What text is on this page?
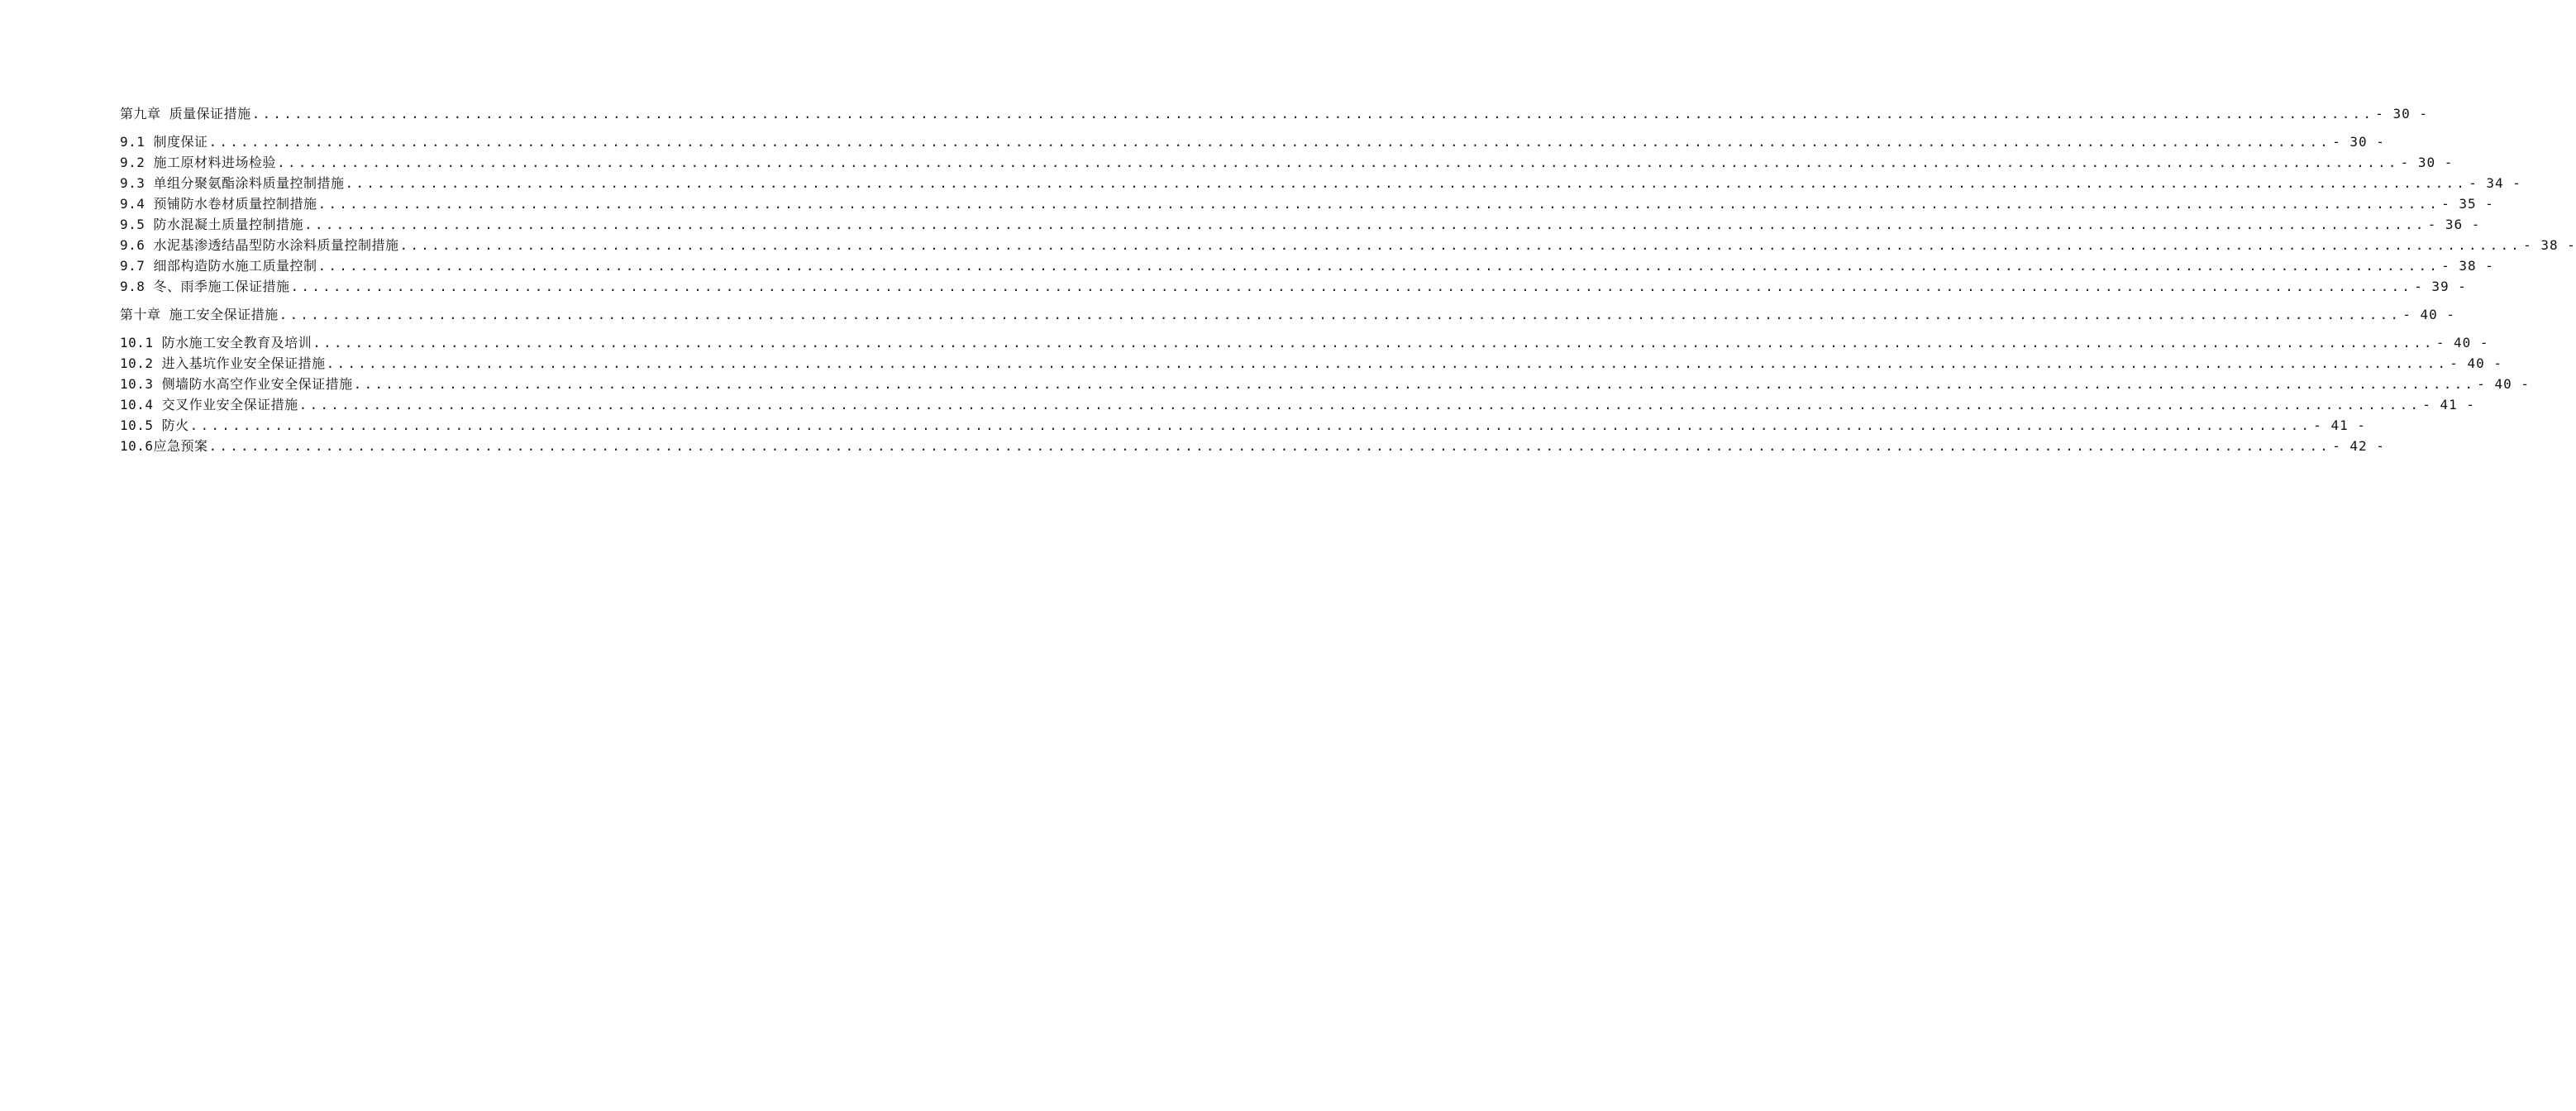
第九章 质量保证措施 ........................................................................................................................................................................................................ - 30 -
9.1 制度保证 ........................................................................................................................................................................................................ - 30 -
9.2 施工原材料进场检验 ........................................................................................................................................................................................................ - 30 -
9.3 单组分聚氨酯涂料质量控制措施 ........................................................................................................................................................................................................ - 34 -
9.4 预铺防水卷材质量控制措施 ........................................................................................................................................................................................................ - 35 -
9.5 防水混凝土质量控制措施 ........................................................................................................................................................................................................ - 36 -
9.6 水泥基渗透结晶型防水涂料质量控制措施 ........................................................................................................................................................................................................ - 38 -
9.7 细部构造防水施工质量控制 ........................................................................................................................................................................................................ - 38 -
9.8 冬、雨季施工保证措施 ........................................................................................................................................................................................................ - 39 -
第十章 施工安全保证措施 ........................................................................................................................................................................................................ - 40 -
10.1 防水施工安全教育及培训 ........................................................................................................................................................................................................ - 40 -
10.2 进入基坑作业安全保证措施 ........................................................................................................................................................................................................ - 40 -
10.3 侧墙防水高空作业安全保证措施 ........................................................................................................................................................................................................ - 40 -
10.4 交叉作业安全保证措施 ........................................................................................................................................................................................................ - 41 -
10.5 防火 ........................................................................................................................................................................................................ - 41 -
10.6应急预案 ........................................................................................................................................................................................................ - 42 -
